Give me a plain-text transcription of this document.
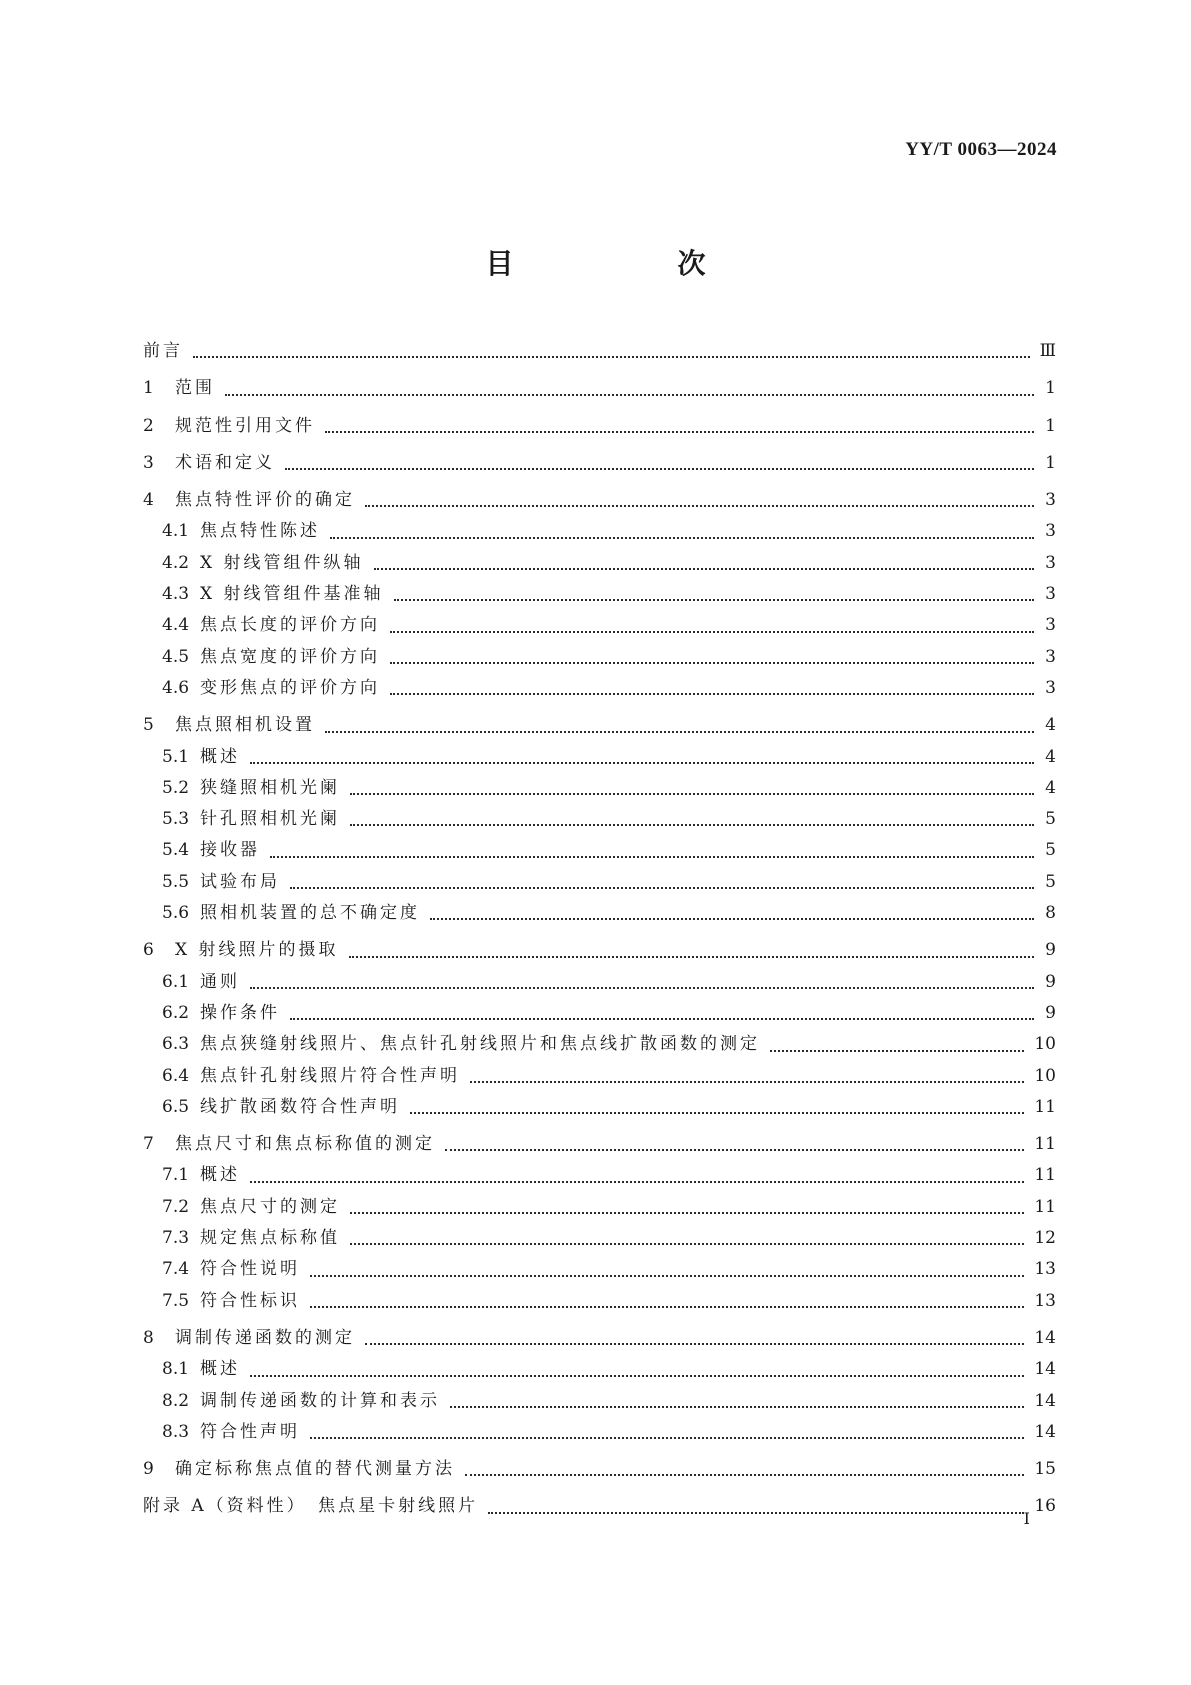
YY/T 0063—2024
目　次
前言	Ⅲ
1	范围	1
2	规范性引用文件	1
3	术语和定义	1
4	焦点特性评价的确定	3
4.1 焦点特性陈述	3
4.2 X 射线管组件纵轴	3
4.3 X 射线管组件基准轴	3
4.4 焦点长度的评价方向	3
4.5 焦点宽度的评价方向	3
4.6 变形焦点的评价方向	3
5	焦点照相机设置	4
5.1 概述	4
5.2 狭缝照相机光阑	4
5.3 针孔照相机光阑	5
5.4 接收器	5
5.5 试验布局	5
5.6 照相机装置的总不确定度	8
6	X 射线照片的摄取	9
6.1 通则	9
6.2 操作条件	9
6.3 焦点狭缝射线照片、焦点针孔射线照片和焦点线扩散函数的测定	10
6.4 焦点针孔射线照片符合性声明	10
6.5 线扩散函数符合性声明	11
7	焦点尺寸和焦点标称值的测定	11
7.1 概述	11
7.2 焦点尺寸的测定	11
7.3 规定焦点标称值	12
7.4 符合性说明	13
7.5 符合性标识	13
8	调制传递函数的测定	14
8.1 概述	14
8.2 调制传递函数的计算和表示	14
8.3 符合性声明	14
9	确定标称焦点值的替代测量方法	15
附录 A（资料性）　焦点星卡射线照片	16
Ⅰ
